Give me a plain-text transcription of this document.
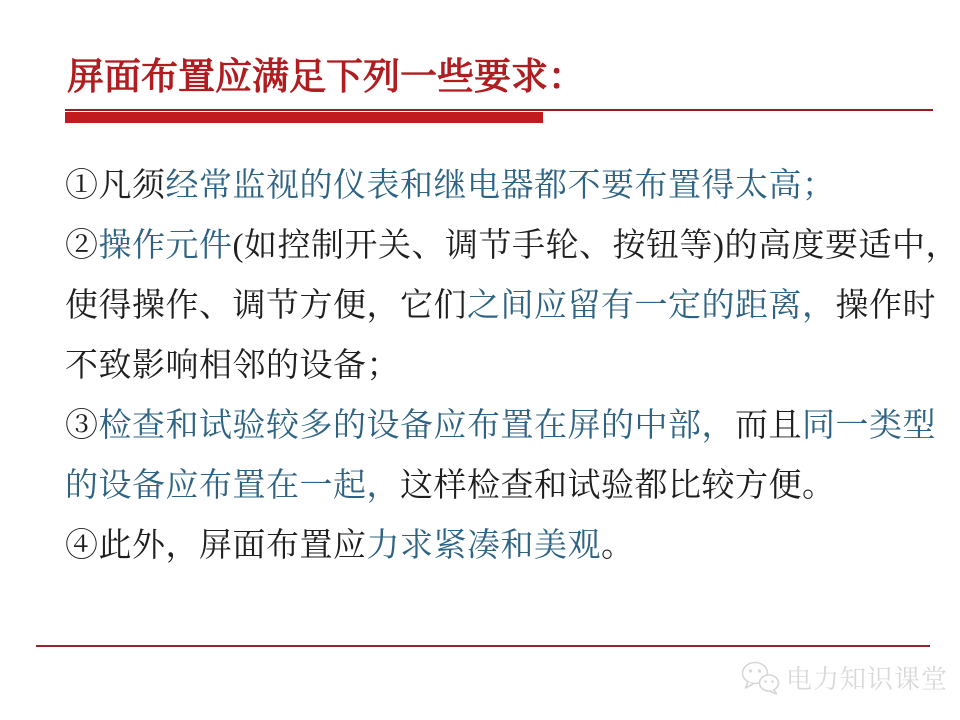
屏面布置应满足下列一些要求：
①凡须经常监视的仪表和继电器都不要布置得太高；
②操作元件(如控制开关、调节手轮、按钮等)的高度要适中，
使得操作、调节方便，它们之间应留有一定的距离，操作时
不致影响相邻的设备；
③检查和试验较多的设备应布置在屏的中部，而且同一类型
的设备应布置在一起，这样检查和试验都比较方便。
④此外，屏面布置应力求紧凑和美观。
电力知识课堂
